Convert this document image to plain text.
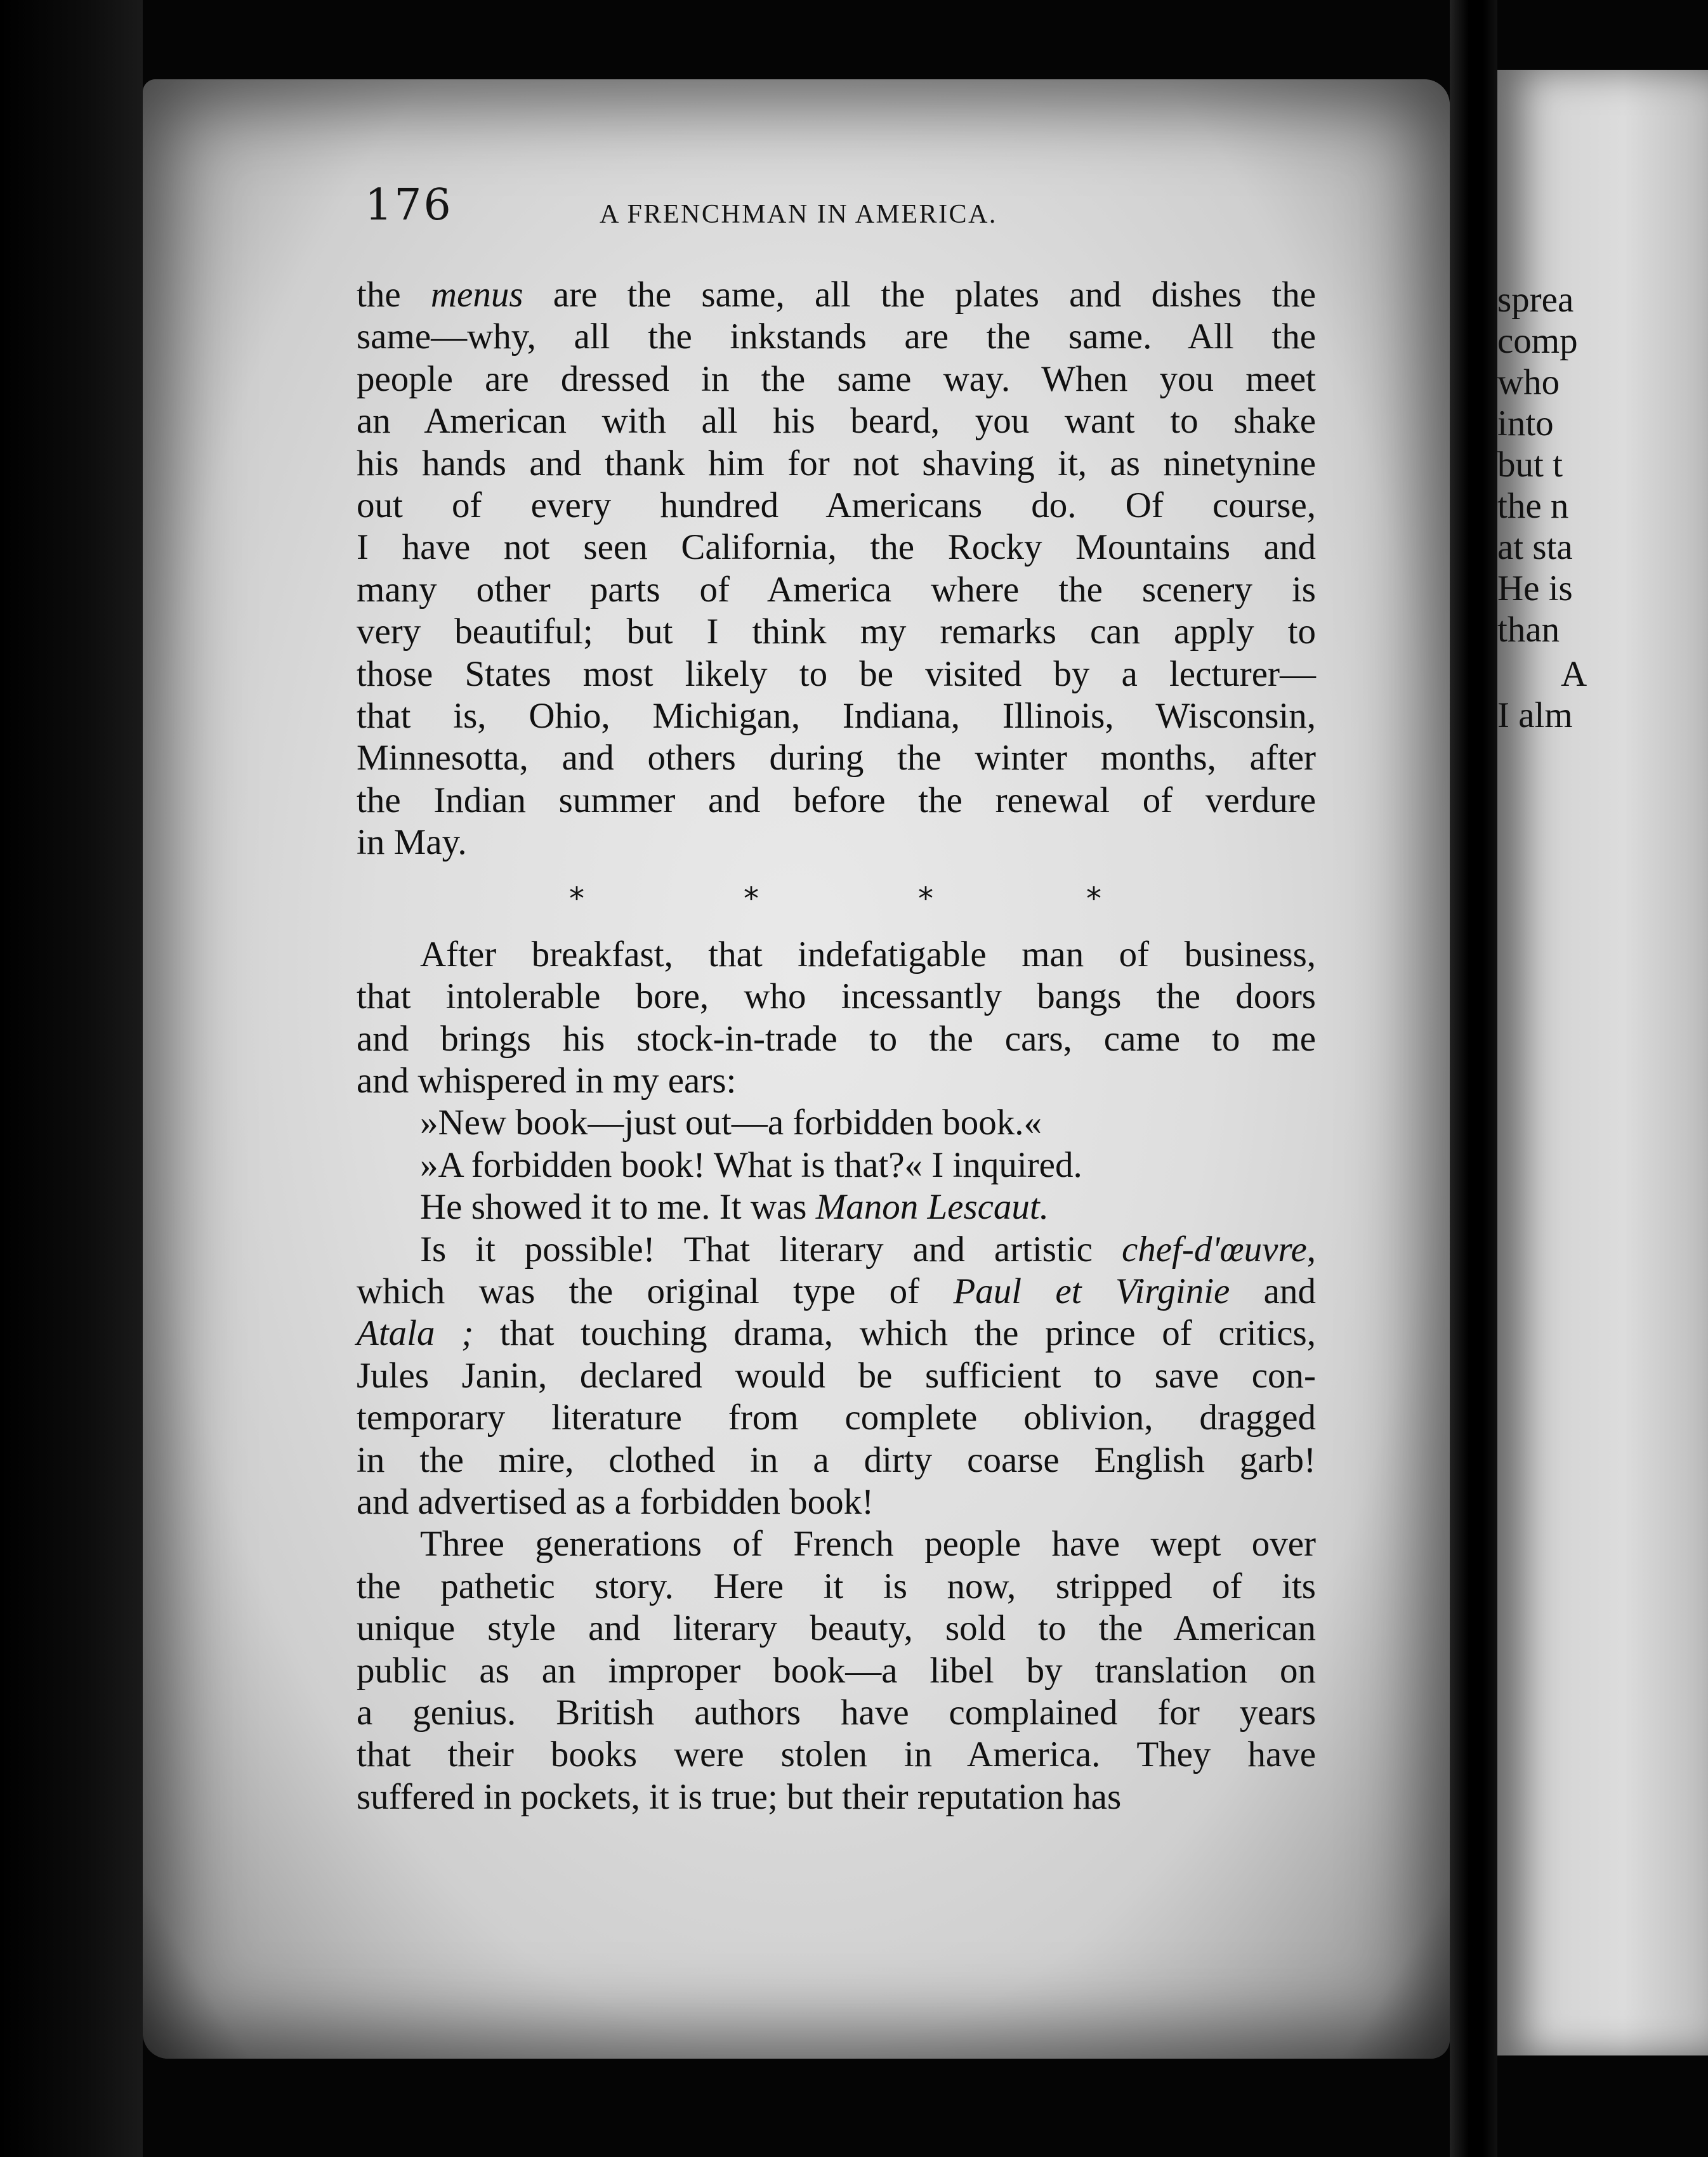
sprea
comp
who
into
but t
the n
at sta
He is
than
A
I alm
176	A FRENCHMAN IN AMERICA.
the menus are the same, all the plates and dishes the
same—why, all the inkstands are the same. All the
people are dressed in the same way. When you meet
an American with all his beard, you want to shake
his hands and thank him for not shaving it, as ninetynine
out of every hundred Americans do. Of course,
I have not seen California, the Rocky Mountains and
many other parts of America where the scenery is
very beautiful; but I think my remarks can apply to
those States most likely to be visited by a lecturer—
that is, Ohio, Michigan, Indiana, Illinois, Wisconsin,
Minnesotta, and others during the winter months, after
the Indian summer and before the renewal of verdure
in May.
*	*	*	*
After breakfast, that indefatigable man of business,
that intolerable bore, who incessantly bangs the doors
and brings his stock-in-trade to the cars, came to me
and whispered in my ears:
»New book—just out—a forbidden book.«
»A forbidden book! What is that?« I inquired.
He showed it to me. It was Manon Lescaut.
Is it possible! That literary and artistic chef-d'œuvre,
which was the original type of Paul et Virginie and
Atala ; that touching drama, which the prince of critics,
Jules Janin, declared would be sufficient to save con-
temporary literature from complete oblivion, dragged
in the mire, clothed in a dirty coarse English garb!
and advertised as a forbidden book!
Three generations of French people have wept over
the pathetic story. Here it is now, stripped of its
unique style and literary beauty, sold to the American
public as an improper book—a libel by translation on
a genius. British authors have complained for years
that their books were stolen in America. They have
suffered in pockets, it is true; but their reputation has
